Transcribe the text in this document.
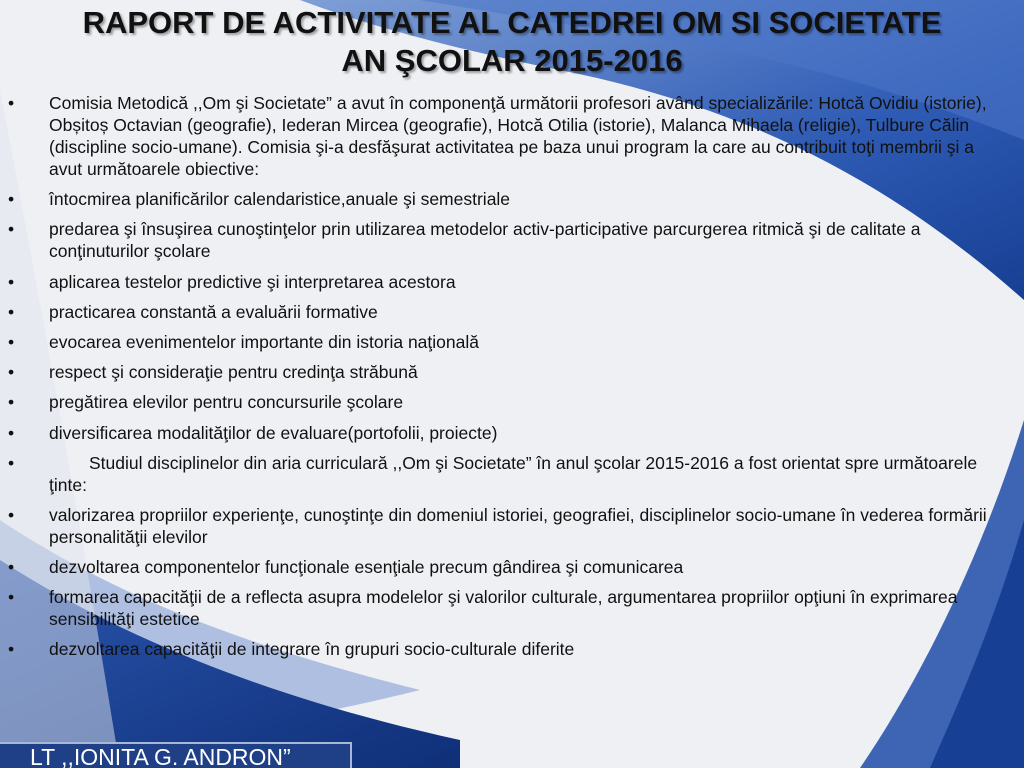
RAPORT DE ACTIVITATE AL CATEDREI OM SI SOCIETATE
AN ŞCOLAR 2015-2016
• Comisia Metodică ,,Om şi Societate” a avut în componenţă următorii profesori având specializările: Hotcă Ovidiu (istorie), Obșitoș Octavian (geografie), Iederan Mircea (geografie), Hotcă Otilia (istorie), Malanca Mihaela (religie), Tulbure Călin (discipline socio-umane). Comisia şi-a desfăşurat activitatea pe baza unui program la care au contribuit toţi membrii şi a avut următoarele obiective:
• întocmirea planificărilor calendaristice,anuale şi semestriale
• predarea şi însuşirea cunoştinţelor prin utilizarea metodelor activ-participative parcurgerea ritmică şi de calitate a conţinuturilor şcolare
• aplicarea testelor predictive şi interpretarea acestora
• practicarea constantă a evaluării formative
• evocarea evenimentelor importante din istoria naţională
• respect şi consideraţie pentru credinţa străbună
• pregătirea elevilor pentru concursurile şcolare
• diversificarea modalităţilor de evaluare(portofolii, proiecte)
• Studiul disciplinelor din aria curriculară ,,Om şi Societate” în anul şcolar 2015-2016 a fost orientat spre următoarele ţinte:
• valorizarea propriilor experienţe, cunoştinţe din domeniul istoriei, geografiei, disciplinelor socio-umane în vederea formării personalităţii elevilor
• dezvoltarea componentelor funcţionale esenţiale precum gândirea şi comunicarea
• formarea capacităţii de a reflecta asupra modelelor şi valorilor culturale, argumentarea propriilor opţiuni în exprimarea sensibilităţi estetice
• dezvoltarea capacităţii de integrare în grupuri socio-culturale diferite
LT ,,IONITA G. ANDRON”
